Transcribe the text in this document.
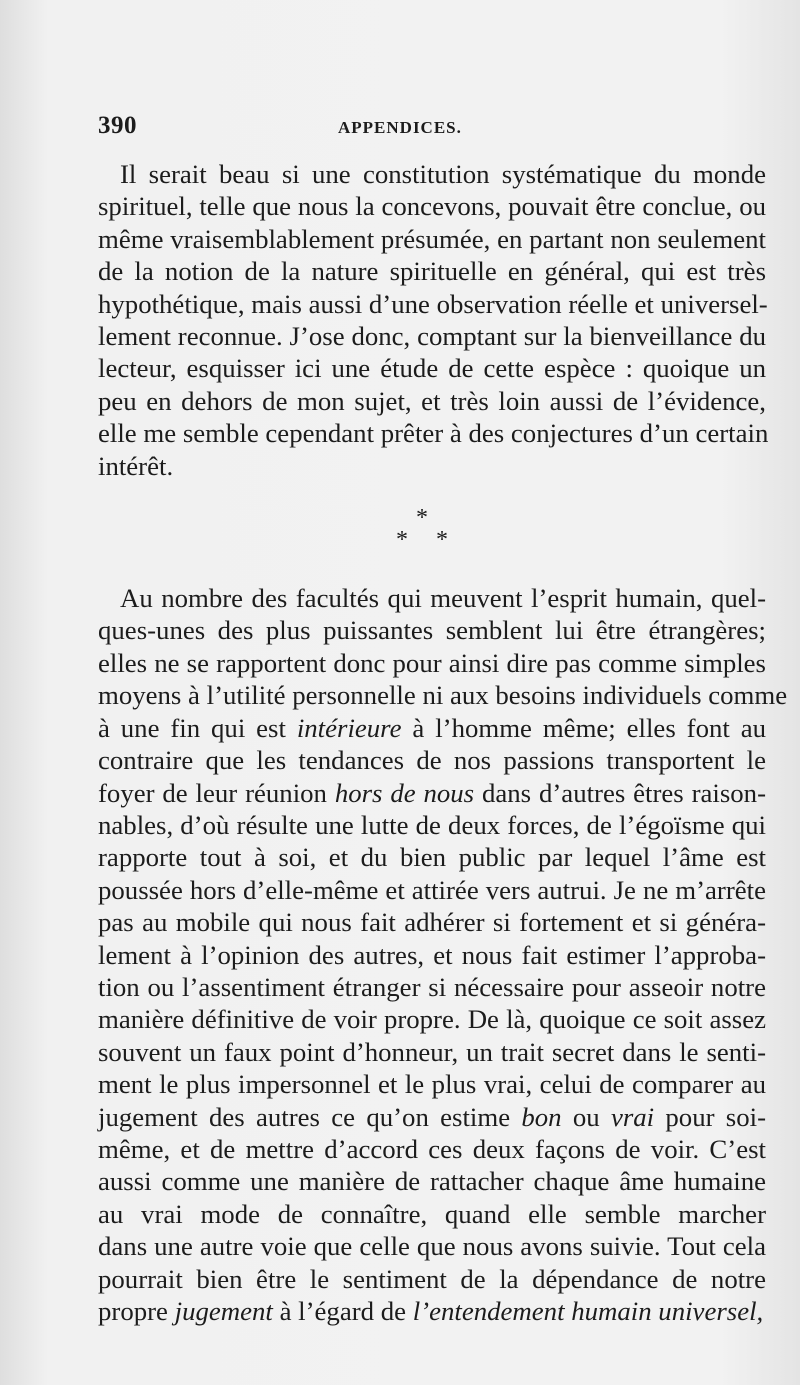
390	APPENDICES.
Il serait beau si une constitution systématique du monde
spirituel, telle que nous la concevons, pouvait être conclue, ou
même vraisemblablement présumée, en partant non seulement
de la notion de la nature spirituelle en général, qui est très
hypothétique, mais aussi d’une observation réelle et universel-
lement reconnue. J’ose donc, comptant sur la bienveillance du
lecteur, esquisser ici une étude de cette espèce : quoique un
peu en dehors de mon sujet, et très loin aussi de l’évidence,
elle me semble cependant prêter à des conjectures d’un certain
intérêt.
*
* *
Au nombre des facultés qui meuvent l’esprit humain, quel-
ques-unes des plus puissantes semblent lui être étrangères;
elles ne se rapportent donc pour ainsi dire pas comme simples
moyens à l’utilité personnelle ni aux besoins individuels comme
à une fin qui est intérieure à l’homme même; elles font au
contraire que les tendances de nos passions transportent le
foyer de leur réunion hors de nous dans d’autres êtres raison-
nables, d’où résulte une lutte de deux forces, de l’égoïsme qui
rapporte tout à soi, et du bien public par lequel l’âme est
poussée hors d’elle-même et attirée vers autrui. Je ne m’arrête
pas au mobile qui nous fait adhérer si fortement et si généra-
lement à l’opinion des autres, et nous fait estimer l’approba-
tion ou l’assentiment étranger si nécessaire pour asseoir notre
manière définitive de voir propre. De là, quoique ce soit assez
souvent un faux point d’honneur, un trait secret dans le senti-
ment le plus impersonnel et le plus vrai, celui de comparer au
jugement des autres ce qu’on estime bon ou vrai pour soi-
même, et de mettre d’accord ces deux façons de voir. C’est
aussi comme une manière de rattacher chaque âme humaine
au vrai mode de connaître, quand elle semble marcher
dans une autre voie que celle que nous avons suivie. Tout cela
pourrait bien être le sentiment de la dépendance de notre
propre jugement à l’égard de l’entendement humain universel,
